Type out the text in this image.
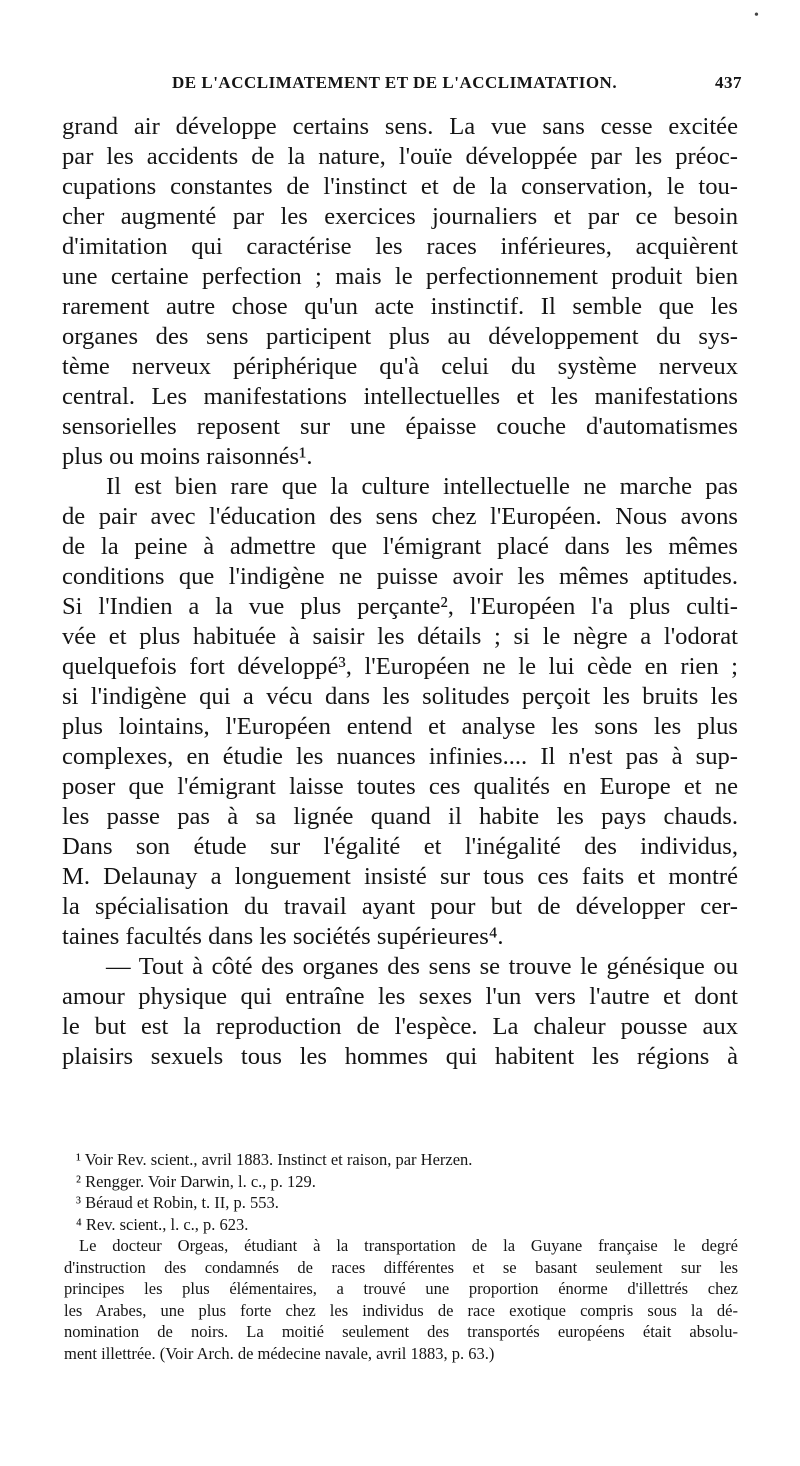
•
DE L'ACCLIMATEMENT ET DE L'ACCLIMATATION.	437
grand air développe certains sens. La vue sans cesse excitée
par les accidents de la nature, l'ouïe développée par les préoc-
cupations constantes de l'instinct et de la conservation, le tou-
cher augmenté par les exercices journaliers et par ce besoin
d'imitation qui caractérise les races inférieures, acquièrent
une certaine perfection ; mais le perfectionnement produit bien
rarement autre chose qu'un acte instinctif. Il semble que les
organes des sens participent plus au développement du sys-
tème nerveux périphérique qu'à celui du système nerveux
central. Les manifestations intellectuelles et les manifestations
sensorielles reposent sur une épaisse couche d'automatismes
plus ou moins raisonnés¹.
Il est bien rare que la culture intellectuelle ne marche pas
de pair avec l'éducation des sens chez l'Européen. Nous avons
de la peine à admettre que l'émigrant placé dans les mêmes
conditions que l'indigène ne puisse avoir les mêmes aptitudes.
Si l'Indien a la vue plus perçante², l'Européen l'a plus culti-
vée et plus habituée à saisir les détails ; si le nègre a l'odorat
quelquefois fort développé³, l'Européen ne le lui cède en rien ;
si l'indigène qui a vécu dans les solitudes perçoit les bruits les
plus lointains, l'Européen entend et analyse les sons les plus
complexes, en étudie les nuances infinies.... Il n'est pas à sup-
poser que l'émigrant laisse toutes ces qualités en Europe et ne
les passe pas à sa lignée quand il habite les pays chauds.
Dans son étude sur l'égalité et l'inégalité des individus,
M. Delaunay a longuement insisté sur tous ces faits et montré
la spécialisation du travail ayant pour but de développer cer-
taines facultés dans les sociétés supérieures⁴.
— Tout à côté des organes des sens se trouve le génésique ou
amour physique qui entraîne les sexes l'un vers l'autre et dont
le but est la reproduction de l'espèce. La chaleur pousse aux
plaisirs sexuels tous les hommes qui habitent les régions à
¹ Voir Rev. scient., avril 1883. Instinct et raison, par Herzen.
² Rengger. Voir Darwin, l. c., p. 129.
³ Béraud et Robin, t. II, p. 553.
⁴ Rev. scient., l. c., p. 623.
Le docteur Orgeas, étudiant à la transportation de la Guyane française le degré
d'instruction des condamnés de races différentes et se basant seulement sur les
principes les plus élémentaires, a trouvé une proportion énorme d'illettrés chez
les Arabes, une plus forte chez les individus de race exotique compris sous la dé-
nomination de noirs. La moitié seulement des transportés européens était absolu-
ment illettrée. (Voir Arch. de médecine navale, avril 1883, p. 63.)
